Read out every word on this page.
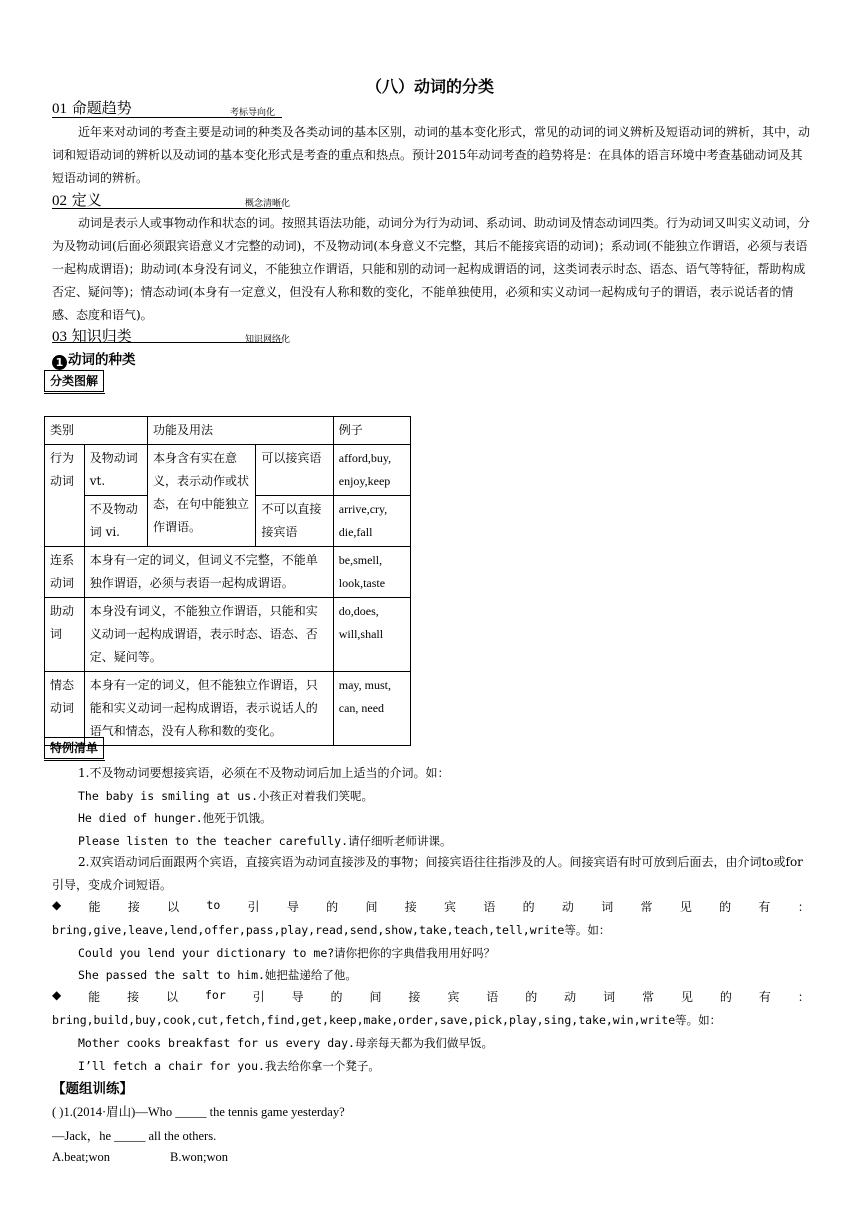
（八）动词的分类
01 命题趋势	考标导向化
近年来对动词的考查主要是动词的种类及各类动词的基本区别，动词的基本变化形式，常见的动词的词义辨析及短语动词的辨析，其中，动词和短语动词的辨析以及动词的基本变化形式是考查的重点和热点。预计2015年动词考查的趋势将是：在具体的语言环境中考查基础动词及其短语动词的辨析。
02 定义	概念清晰化
动词是表示人或事物动作和状态的词。按照其语法功能，动词分为行为动词、系动词、助动词及情态动词四类。行为动词又叫实义动词，分为及物动词(后面必须跟宾语意义才完整的动词)，不及物动词(本身意义不完整，其后不能接宾语的动词)；系动词(不能独立作谓语，必须与表语一起构成谓语)；助动词(本身没有词义，不能独立作谓语，只能和别的动词一起构成谓语的词，这类词表示时态、语态、语气等特征，帮助构成否定、疑问等)；情态动词(本身有一定意义，但没有人称和数的变化，不能单独使用，必须和实义动词一起构成句子的谓语，表示说话者的情感、态度和语气)。
03 知识归类	知识网络化
1 动词的种类
分类图解
类别		功能及用法		例子
行为动词	及物动词 vt.	本身含有实在意义，表示动作或状态，在句中能独立作谓语。	可以接宾语	afford,buy, enjoy,keep
	不及物动词 vi.		不可以直接接宾语	arrive,cry, die,fall
连系动词	本身有一定的词义，但词义不完整，不能单独作谓语，必须与表语一起构成谓语。			be,smell, look,taste
助动词	本身没有词义，不能独立作谓语，只能和实义动词一起构成谓语，表示时态、语态、否定、疑问等。			do,does, will,shall
情态动词	本身有一定的词义，但不能独立作谓语，只能和实义动词一起构成谓语，表示说话人的语气和情态，没有人称和数的变化。			may, must, can, need
特例清单
1.不及物动词要想接宾语，必须在不及物动词后加上适当的介词。如：
The baby is smiling at us.小孩正对着我们笑呢。
He died of hunger.他死于饥饿。
Please listen to the teacher carefully.请仔细听老师讲课。
2.双宾语动词后面跟两个宾语，直接宾语为动词直接涉及的事物；间接宾语往往指涉及的人。间接宾语有时可放到后面去，由介词to或for引导，变成介词短语。
◆ 能 接 以 to 引 导 的 间 接 宾 语 的 动 词 常 见 的 有 ：
bring,give,leave,lend,offer,pass,play,read,send,show,take,teach,tell,write等。如：
Could you lend your dictionary to me?请你把你的字典借我用用好吗？
She passed the salt to him.她把盐递给了他。
◆ 能 接 以 for 引 导 的 间 接 宾 语 的 动 词 常 见 的 有 ：
bring,build,buy,cook,cut,fetch,find,get,keep,make,order,save,pick,play,sing,take,win,write等。如：
Mother cooks breakfast for us every day.母亲每天都为我们做早饭。
I’ll fetch a chair for you.我去给你拿一个凳子。
【题组训练】
( )1.(2014·眉山)—Who _____ the tennis game yesterday?
—Jack，he _____ all the others.
A.beat;won	B.won;won
